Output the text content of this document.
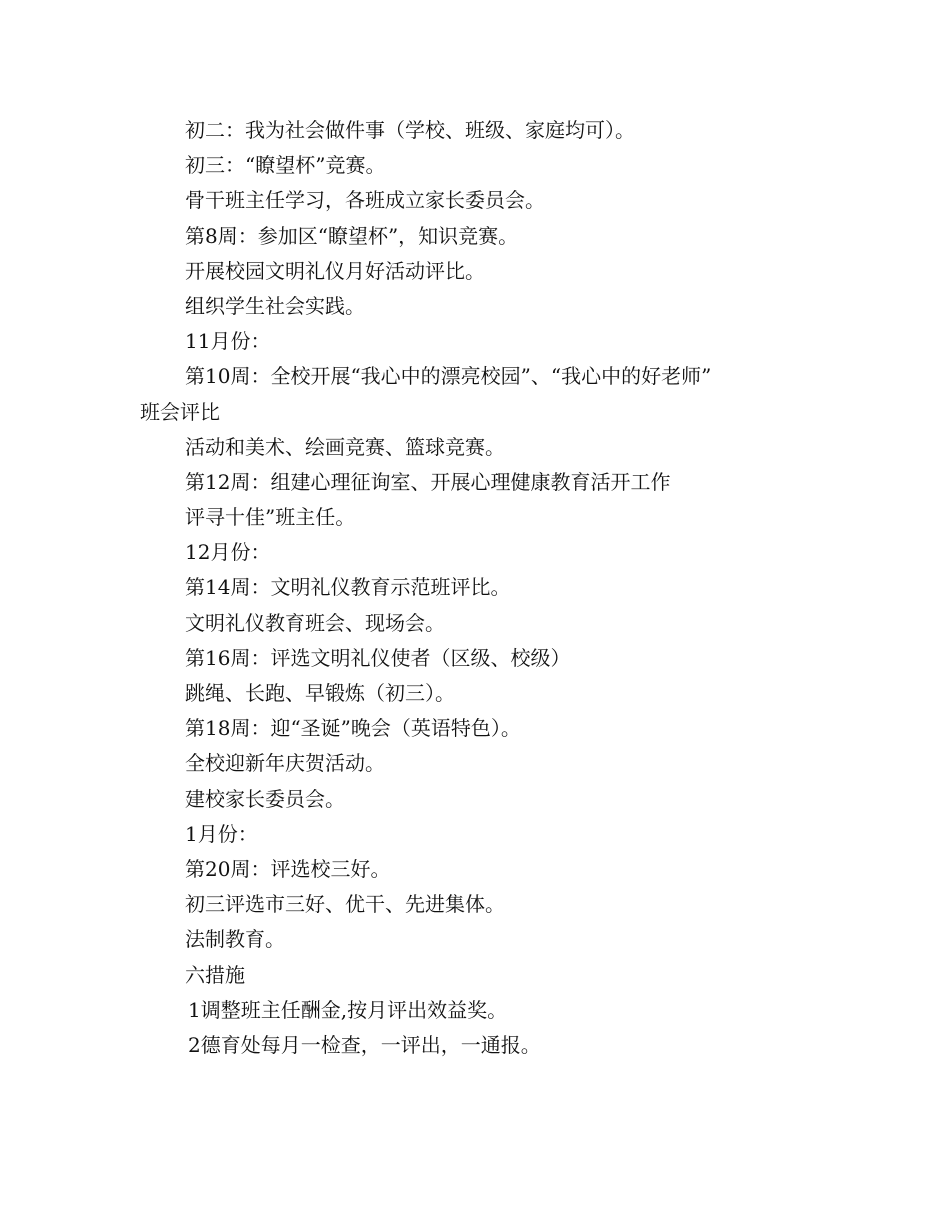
初二：我为社会做件事（学校、班级、家庭均可）。
初三：“瞭望杯”竞赛。
骨干班主任学习，各班成立家长委员会。
第8周：参加区“瞭望杯”，知识竞赛。
开展校园文明礼仪月好活动评比。
组织学生社会实践。
11月份：
第10周：全校开展“我心中的漂亮校园”、“我心中的好老师”
班会评比
活动和美术、绘画竞赛、篮球竞赛。
第12周：组建心理征询室、开展心理健康教育活开工作
评寻十佳”班主任。
12月份：
第14周：文明礼仪教育示范班评比。
文明礼仪教育班会、现场会。
第16周：评选文明礼仪使者（区级、校级）
跳绳、长跑、早锻炼（初三）。
第18周：迎“圣诞”晚会（英语特色）。
全校迎新年庆贺活动。
建校家长委员会。
1月份：
第20周：评选校三好。
初三评选市三好、优干、先进集体。
法制教育。
六措施
1调整班主任酬金,按月评出效益奖。
2德育处每月一检查，一评出，一通报。
